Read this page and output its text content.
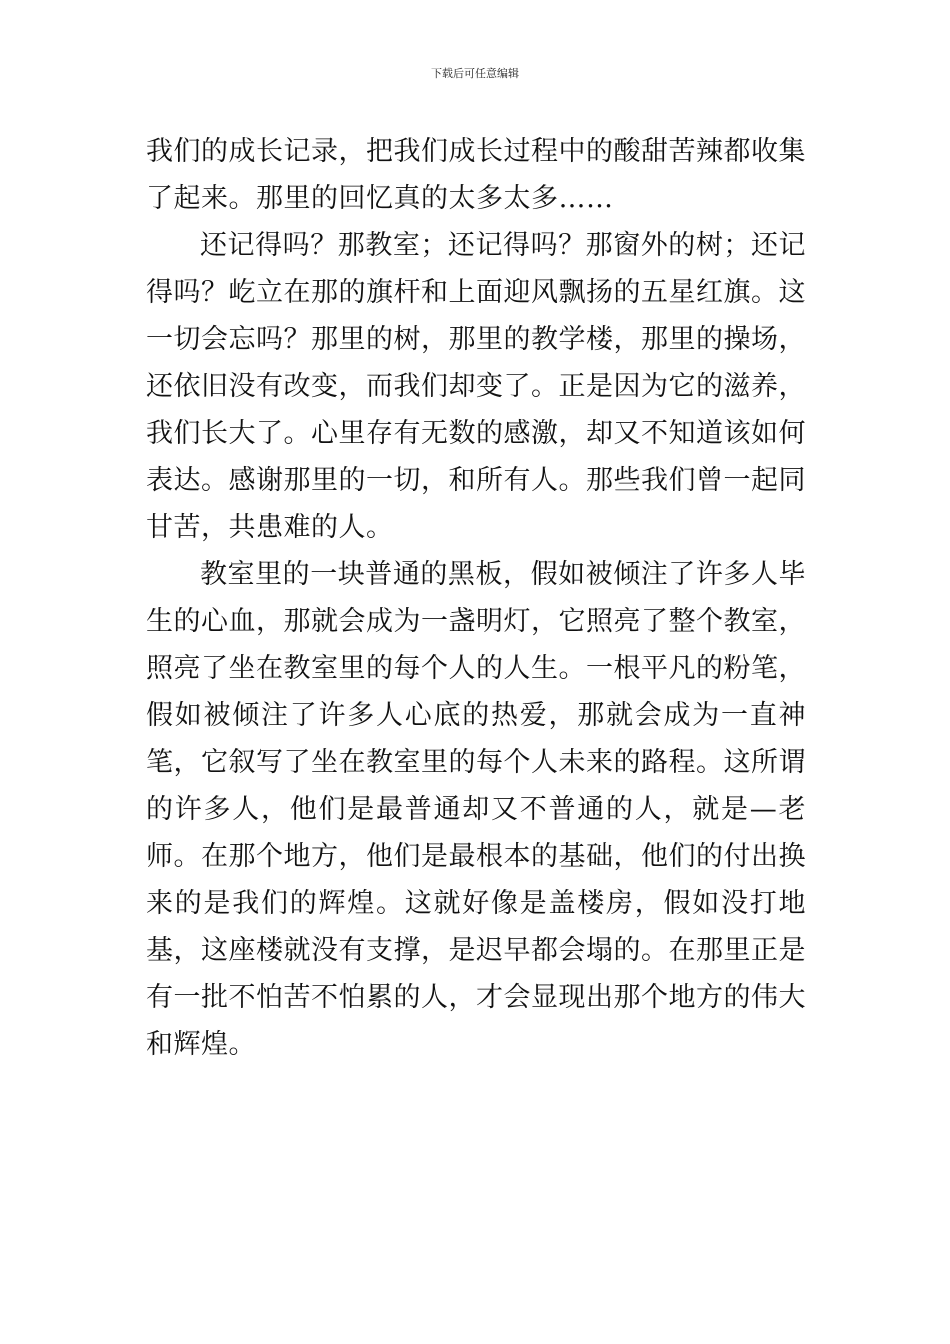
下载后可任意编辑

我们的成长记录，把我们成长过程中的酸甜苦辣都收集了起来。那里的回忆真的太多太多……

还记得吗？那教室；还记得吗？那窗外的树；还记得吗？屹立在那的旗杆和上面迎风飘扬的五星红旗。这一切会忘吗？那里的树，那里的教学楼，那里的操场，还依旧没有改变，而我们却变了。正是因为它的滋养，我们长大了。心里存有无数的感激，却又不知道该如何表达。感谢那里的一切，和所有人。那些我们曾一起同甘苦，共患难的人。

教室里的一块普通的黑板，假如被倾注了许多人毕生的心血，那就会成为一盏明灯，它照亮了整个教室，照亮了坐在教室里的每个人的人生。一根平凡的粉笔，假如被倾注了许多人心底的热爱，那就会成为一直神笔，它叙写了坐在教室里的每个人未来的路程。这所谓的许多人，他们是最普通却又不普通的人，就是—老师。在那个地方，他们是最根本的基础，他们的付出换来的是我们的辉煌。这就好像是盖楼房，假如没打地基，这座楼就没有支撑，是迟早都会塌的。在那里正是有一批不怕苦不怕累的人，才会显现出那个地方的伟大和辉煌。
